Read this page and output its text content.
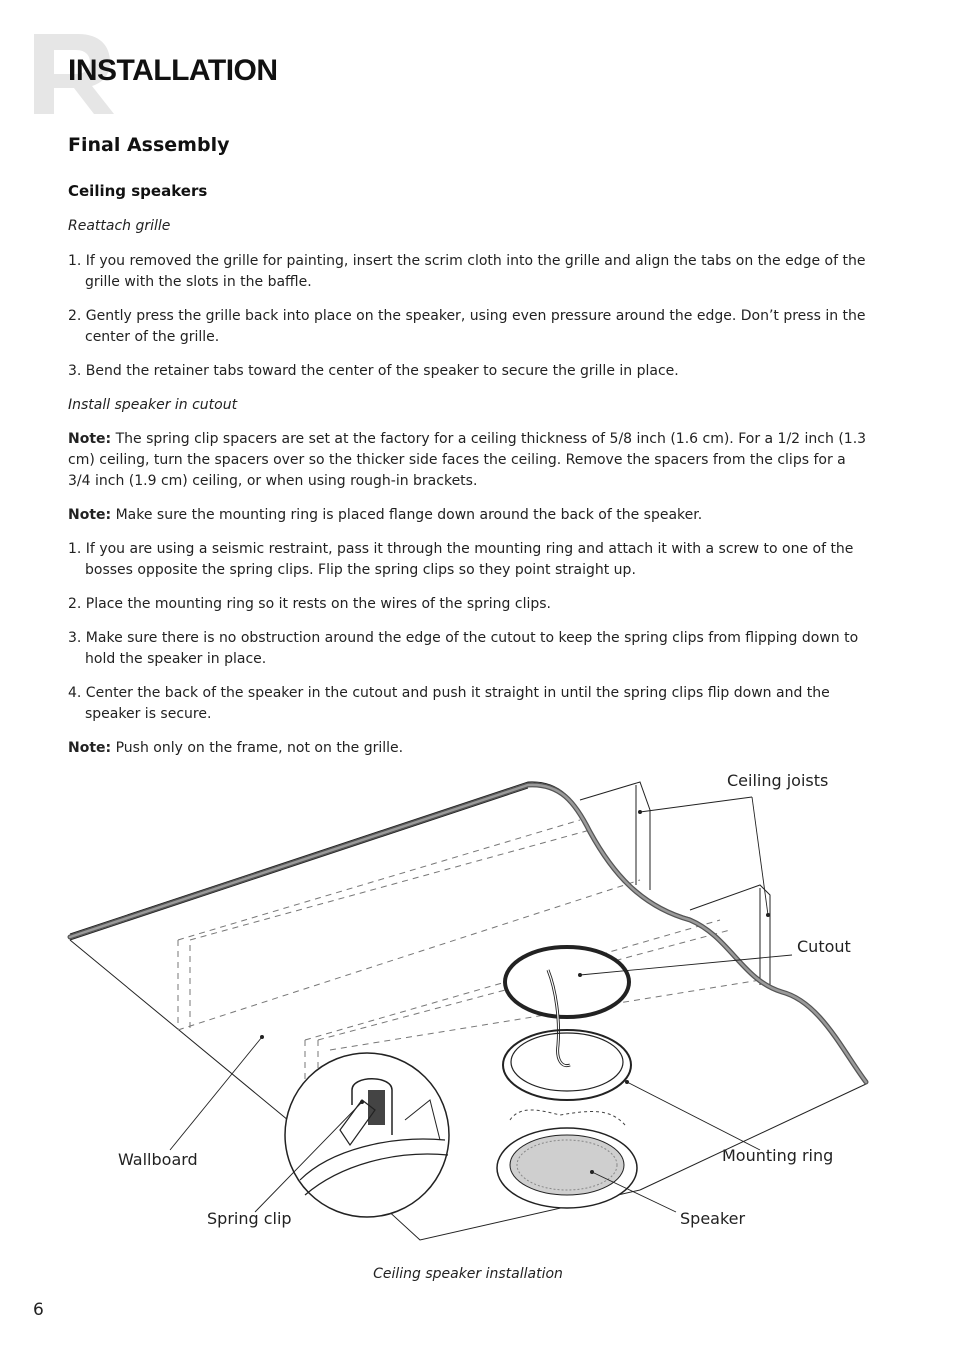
INSTALLATION
Final Assembly
Ceiling speakers

Reattach grille

1. If you removed the grille for painting, insert the scrim cloth into the grille and align the tabs on the edge of the grille with the slots in the baffle.

2. Gently press the grille back into place on the speaker, using even pressure around the edge. Don’t press in the center of the grille.

3. Bend the retainer tabs toward the center of the speaker to secure the grille in place.

Install speaker in cutout

Note: The spring clip spacers are set at the factory for a ceiling thickness of 5/8 inch (1.6 cm). For a 1/2 inch (1.3 cm) ceiling, turn the spacers over so the thicker side faces the ceiling. Remove the spacers from the clips for a 3/4 inch (1.9 cm) ceiling, or when using rough-in brackets.

Note: Make sure the mounting ring is placed flange down around the back of the speaker.

1. If you are using a seismic restraint, pass it through the mounting ring and attach it with a screw to one of the bosses opposite the spring clips. Flip the spring clips so they point straight up.

2. Place the mounting ring so it rests on the wires of the spring clips.

3. Make sure there is no obstruction around the edge of the cutout to keep the spring clips from flipping down to hold the speaker in place.

4. Center the back of the speaker in the cutout and push it straight in until the spring clips flip down and the speaker is secure.

Note: Push only on the frame, not on the grille.

Ceiling joists
Cutout
Mounting ring
Wallboard
Spring clip	Speaker
Ceiling speaker installation
6
